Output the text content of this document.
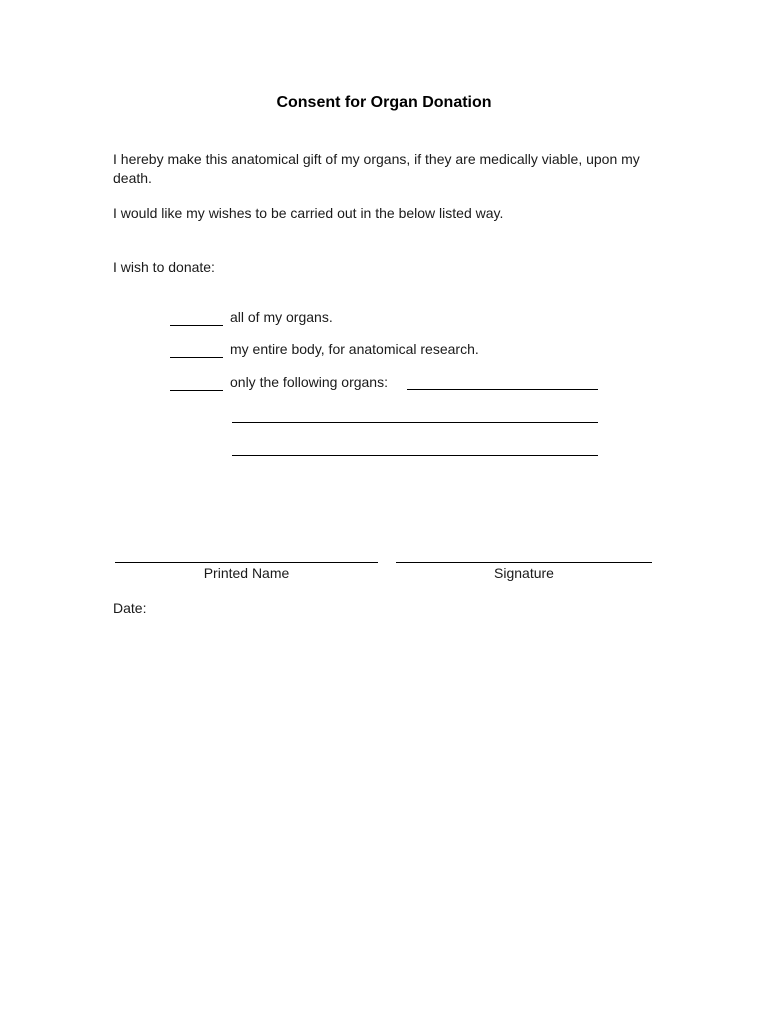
Consent for Organ Donation
I hereby make this anatomical gift of my organs, if they are medically viable, upon my death.
I would like my wishes to be carried out in the below listed way.
I wish to donate:
all of my organs.
my entire body, for anatomical research.
only the following organs:
Printed Name	Signature
Date:
